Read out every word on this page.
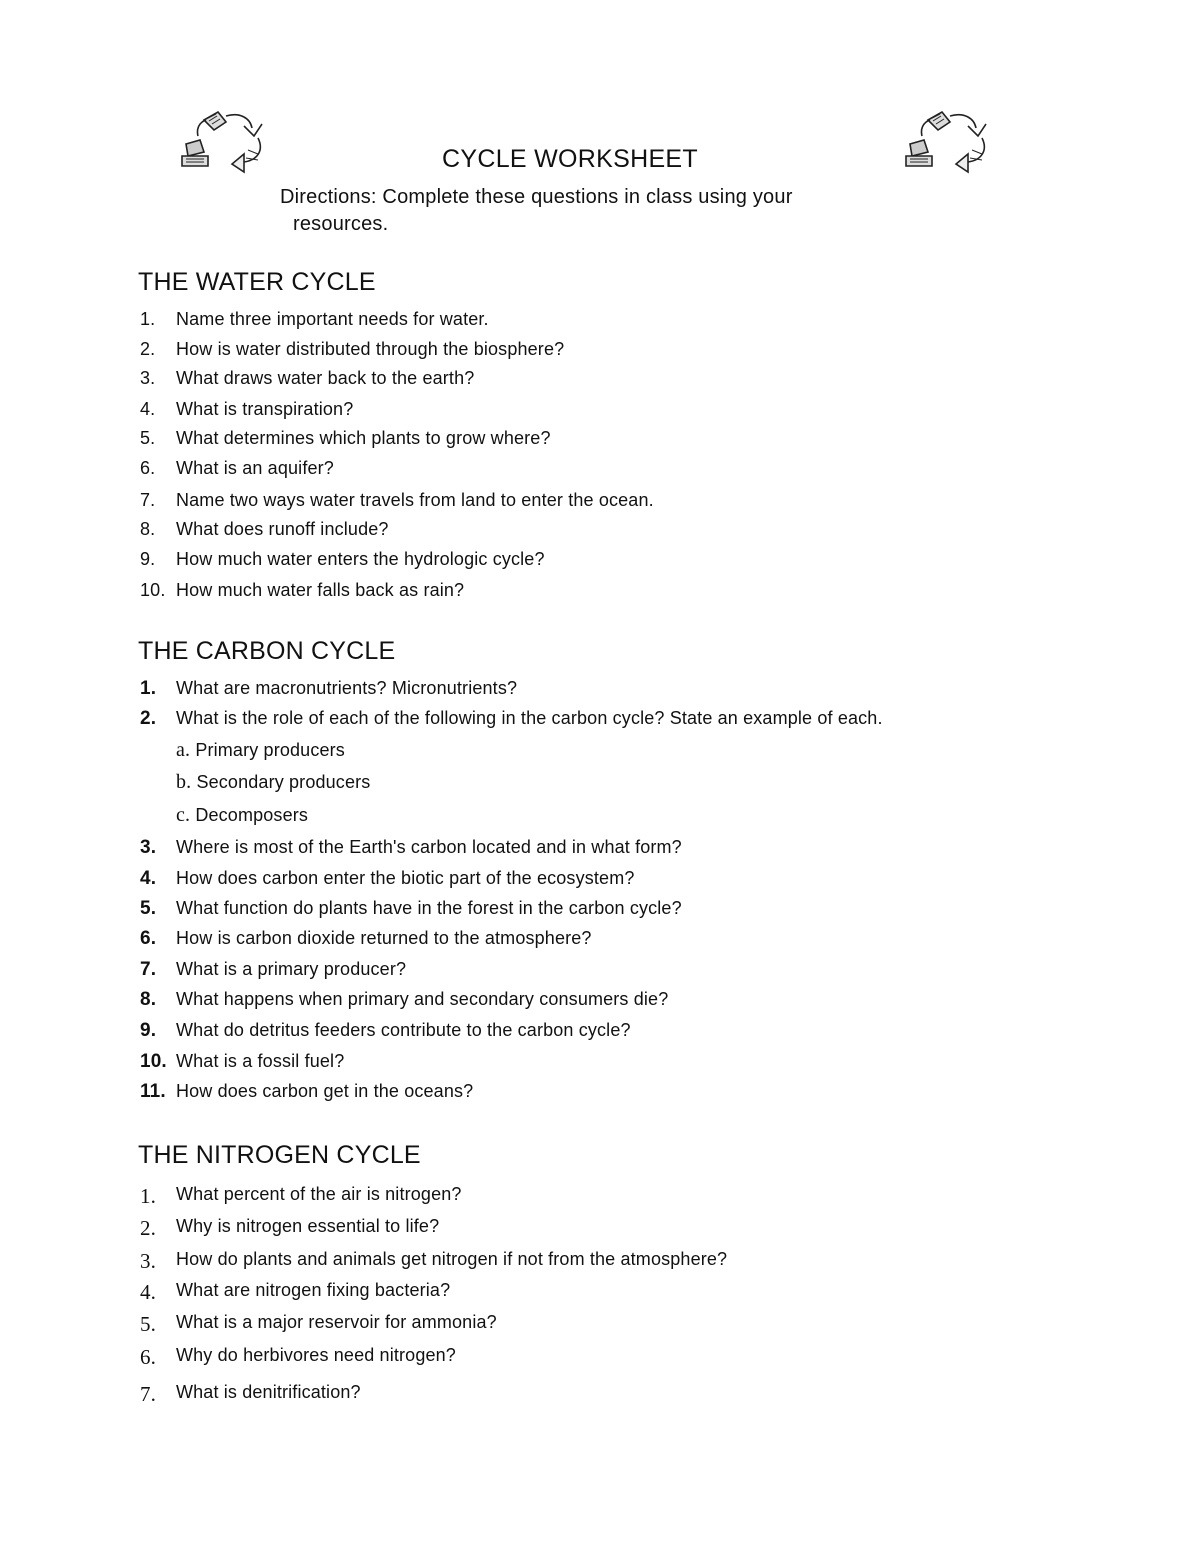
CYCLE WORKSHEET
Directions: Complete these questions in class using your
resources.
THE WATER CYCLE
1. Name three important needs for water.
2. How is water distributed through the biosphere?
3. What draws water back to the earth?
4. What is transpiration?
5. What determines which plants to grow where?
6. What is an aquifer?
7. Name two ways water travels from land to enter the ocean.
8. What does runoff include?
9. How much water enters the hydrologic cycle?
10. How much water falls back as rain?
THE CARBON CYCLE
1. What are macronutrients? Micronutrients?
2. What is the role of each of the following in the carbon cycle? State an example of each.
a. Primary producers
b. Secondary producers
c. Decomposers
3. Where is most of the Earth's carbon located and in what form?
4. How does carbon enter the biotic part of the ecosystem?
5. What function do plants have in the forest in the carbon cycle?
6. How is carbon dioxide returned to the atmosphere?
7. What is a primary producer?
8. What happens when primary and secondary consumers die?
9. What do detritus feeders contribute to the carbon cycle?
10. What is a fossil fuel?
11. How does carbon get in the oceans?
THE NITROGEN CYCLE
1. What percent of the air is nitrogen?
2. Why is nitrogen essential to life?
3. How do plants and animals get nitrogen if not from the atmosphere?
4. What are nitrogen fixing bacteria?
5. What is a major reservoir for ammonia?
6. Why do herbivores need nitrogen?
7. What is denitrification?
